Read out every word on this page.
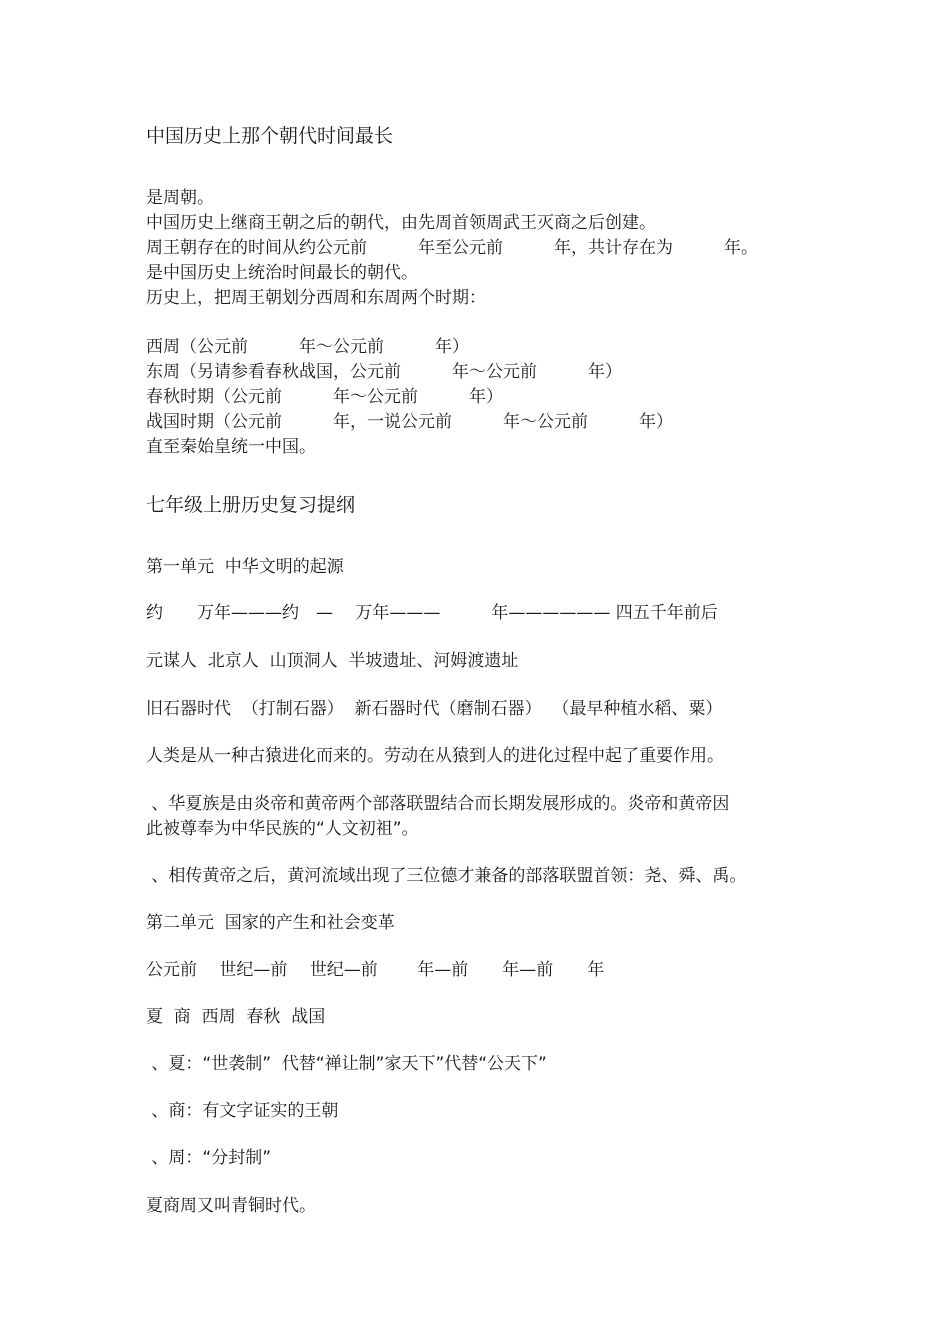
中国历史上那个朝代时间最长

是周朝。

中国历史上继商王朝之后的朝代，由先周首领周武王灭商之后创建。

周王朝存在的时间从约公元前　　　年至公元前　　　年，共计存在为　　　年。

是中国历史上统治时间最长的朝代。

历史上，把周王朝划分西周和东周两个时期：

西周（公元前　　　年～公元前　　　年）

东周（另请参看春秋战国，公元前　　　年～公元前　　　年）

春秋时期（公元前　　　年～公元前　　　年）

战国时期（公元前　　　年，一说公元前　　　年～公元前　　　年）

直至秦始皇统一中国。

七年级上册历史复习提纲

第一单元  中华文明的起源

约　　万年———约　—　 万年———　　　年—————— 四五千年前后

元谋人  北京人  山顶洞人  半坡遗址、河姆渡遗址

旧石器时代  （打制石器）  新石器时代（磨制石器）  （最早种植水稻、粟）

人类是从一种古猿进化而来的。劳动在从猿到人的进化过程中起了重要作用。

、华夏族是由炎帝和黄帝两个部落联盟结合而长期发展形成的。炎帝和黄帝因

此被尊奉为中华民族的“人文初祖”。

、相传黄帝之后，黄河流域出现了三位德才兼备的部落联盟首领：尧、舜、禹。

第二单元  国家的产生和社会变革

公元前　 世纪—前　 世纪—前　　 年—前　　年—前　　年

夏  商  西周  春秋  战国

、夏：“世袭制”  代替“禅让制”家天下”代替“公天下”

、商：有文字证实的王朝

、周：“分封制”

夏商周又叫青铜时代。
